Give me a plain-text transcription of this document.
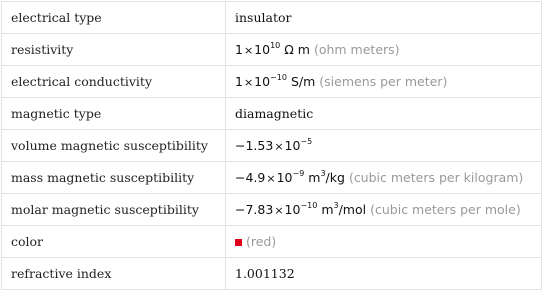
electrical type	insulator
resistivity	$1\times 10^{10}$ Ω m (ohm meters)
electrical conductivity	$1\times 10^{-10}$ S/m (siemens per meter)
magnetic type	diamagnetic
volume magnetic susceptibility	$-1.53\times 10^{-5}$
mass magnetic susceptibility	$-4.9\times 10^{-9}$ $m^3/kg$ (cubic meters per kilogram)
molar magnetic susceptibility	$-7.83\times 10^{-10}$ $m^3$/mol (cubic meters per mole)
color	(red)
refractive index	1.001132
